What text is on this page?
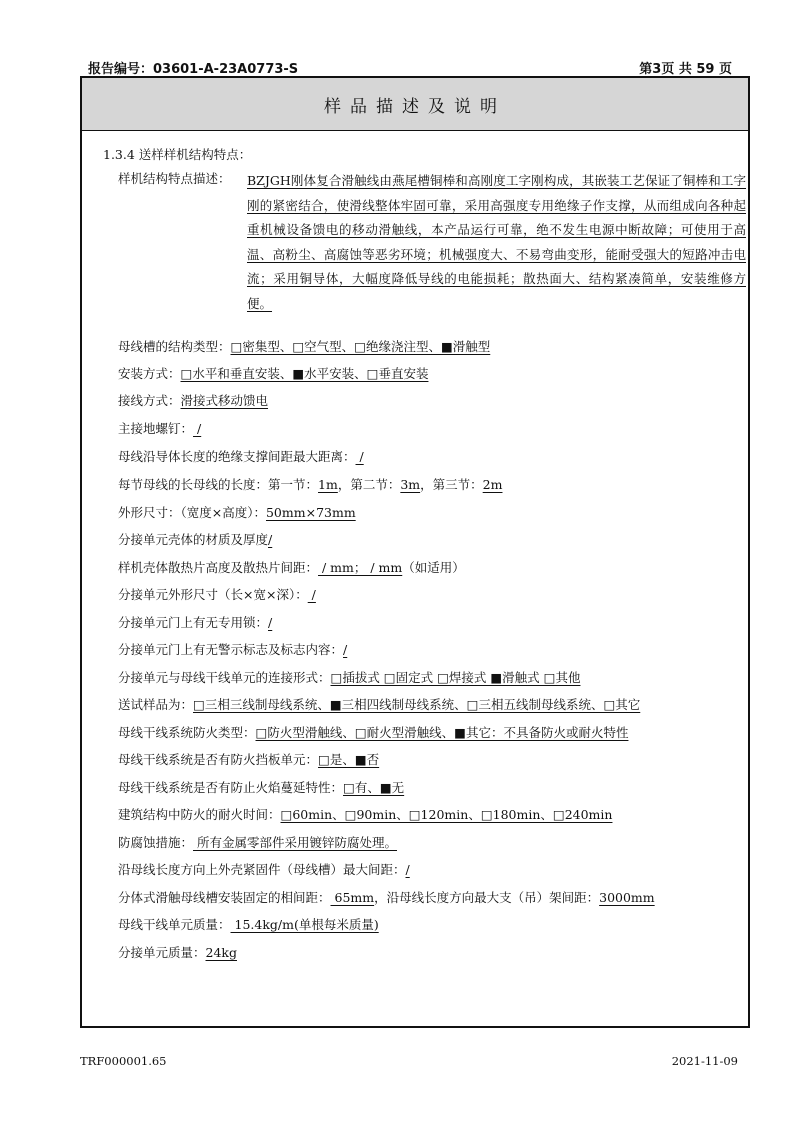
报告编号：03601-A-23A0773-S	第3页 共 59 页
样品描述及说明
1.3.4 送样样机结构特点：
样机结构特点描述： BZJGH刚体复合滑触线由燕尾槽铜棒和高刚度工字刚构成，其嵌装工艺保证了铜棒和工字刚的紧密结合，使滑线整体牢固可靠，采用高强度专用绝缘子作支撑，从而组成向各种起重机械设备馈电的移动滑触线，本产品运行可靠，绝不发生电源中断故障；可使用于高温、高粉尘、高腐蚀等恶劣环境；机械强度大、不易弯曲变形，能耐受强大的短路冲击电流；采用铜导体，大幅度降低导线的电能损耗；散热面大、结构紧凑简单，安装维修方便。
母线槽的结构类型：□密集型、□空气型、□绝缘浇注型、■滑触型
安装方式：□水平和垂直安装、■水平安装、□垂直安装
接线方式：滑接式移动馈电
主接地螺钉： /
母线沿导体长度的绝缘支撑间距最大距离： /
每节母线的长母线的长度：第一节：1m，第二节：3m，第三节：2m
外形尺寸：（宽度×高度）：50mm×73mm
分接单元壳体的材质及厚度/
样机壳体散热片高度及散热片间距： / mm； / mm（如适用）
分接单元外形尺寸（长×宽×深）： /
分接单元门上有无专用锁：/
分接单元门上有无警示标志及标志内容：/
分接单元与母线干线单元的连接形式：□插拔式 □固定式 □焊接式 ■滑触式 □其他
送试样品为：□三相三线制母线系统、■三相四线制母线系统、□三相五线制母线系统、□其它
母线干线系统防火类型：□防火型滑触线、□耐火型滑触线、■其它：不具备防火或耐火特性
母线干线系统是否有防火挡板单元：□是、■否
母线干线系统是否有防止火焰蔓延特性：□有、■无
建筑结构中防火的耐火时间：□60min、□90min、□120min、□180min、□240min
防腐蚀措施： 所有金属零部件采用镀锌防腐处理。
沿母线长度方向上外壳紧固件（母线槽）最大间距：/
分体式滑触母线槽安装固定的相间距： 65mm，沿母线长度方向最大支（吊）架间距：3000mm
母线干线单元质量： 15.4kg/m(单根每米质量)
分接单元质量：24kg
TRF000001.65	2021-11-09
